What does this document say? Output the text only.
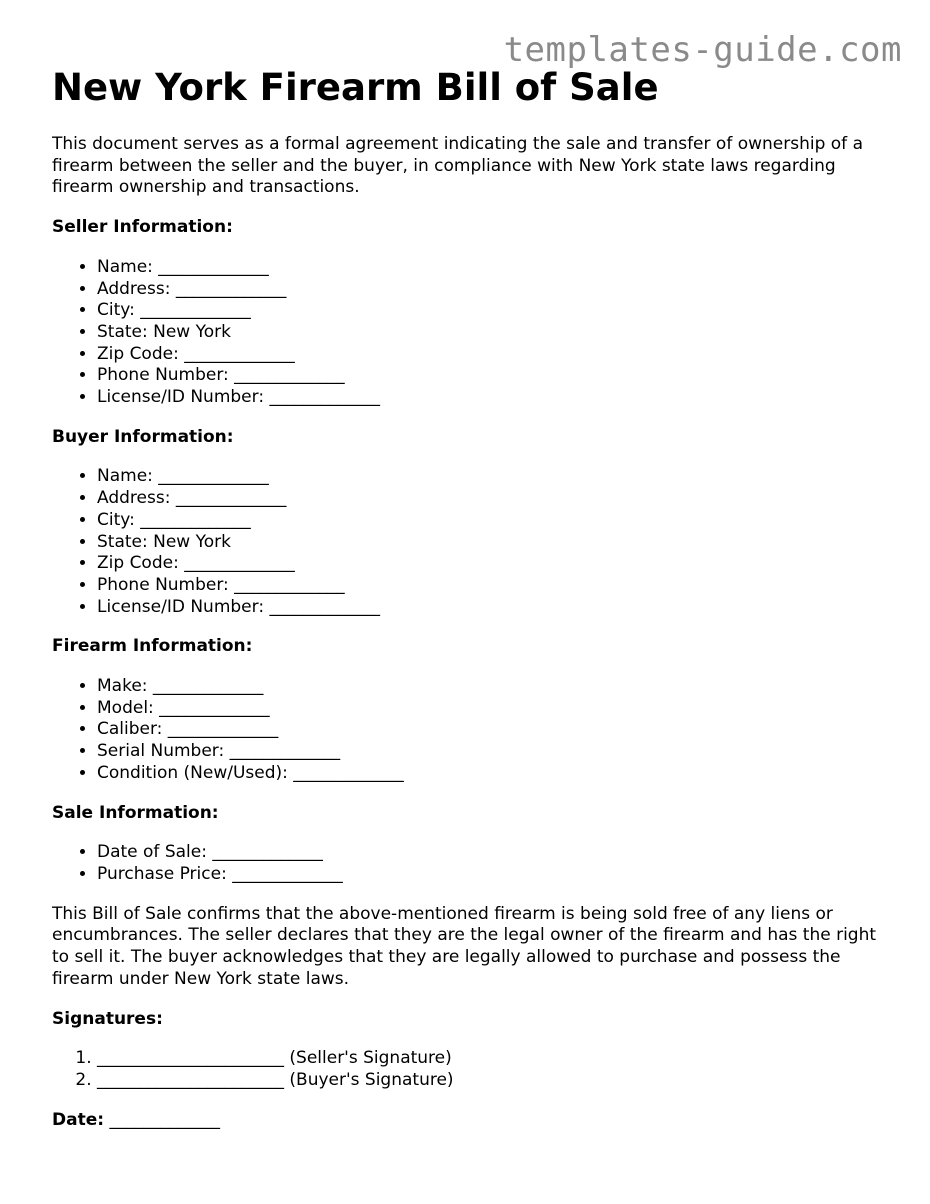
templates-guide.com
New York Firearm Bill of Sale

This document serves as a formal agreement indicating the sale and transfer of ownership of a firearm between the seller and the buyer, in compliance with New York state laws regarding firearm ownership and transactions.

Seller Information:
• Name: _____________
• Address: _____________
• City: _____________
• State: New York
• Zip Code: _____________
• Phone Number: _____________
• License/ID Number: _____________
Buyer Information:
• Name: _____________
• Address: _____________
• City: _____________
• State: New York
• Zip Code: _____________
• Phone Number: _____________
• License/ID Number: _____________
Firearm Information:
• Make: _____________
• Model: _____________
• Caliber: _____________
• Serial Number: _____________
• Condition (New/Used): _____________
Sale Information:
• Date of Sale: _____________
• Purchase Price: _____________

This Bill of Sale confirms that the above-mentioned firearm is being sold free of any liens or encumbrances. The seller declares that they are the legal owner of the firearm and has the right to sell it. The buyer acknowledges that they are legally allowed to purchase and possess the firearm under New York state laws.

Signatures:
1. ______________________ (Seller's Signature)
2. ______________________ (Buyer's Signature)
Date: _____________
